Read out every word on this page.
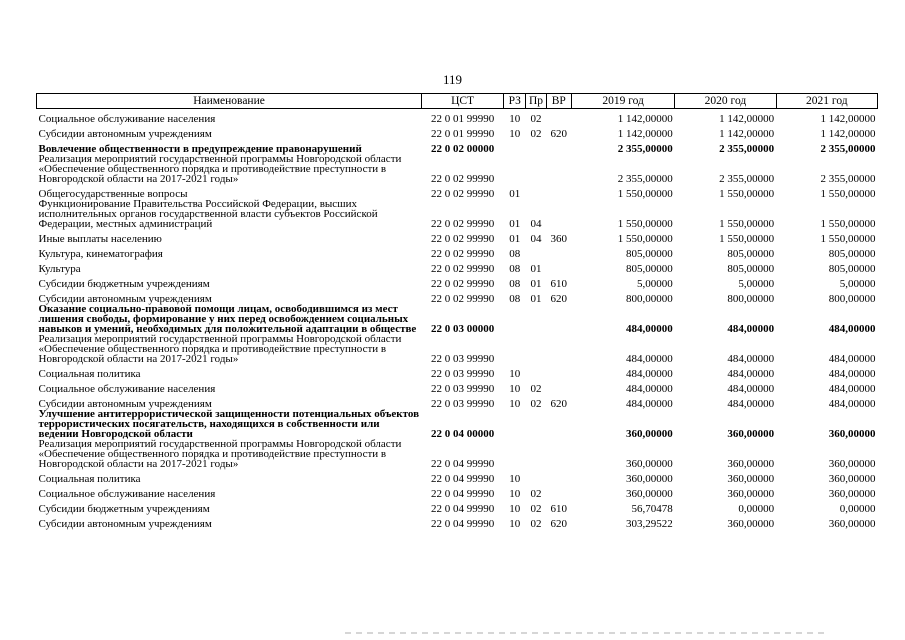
119
Наименование	ЦСТ	РЗ	Пр	ВР	2019 год	2020 год	2021 год
Социальное обслуживание населения	22 0 01 99990	10	02		1 142,00000	1 142,00000	1 142,00000
Субсидии автономным учреждениям	22 0 01 99990	10	02	620	1 142,00000	1 142,00000	1 142,00000
Вовлечение общественности в предупреждение правонарушений	22 0 02 00000				2 355,00000	2 355,00000	2 355,00000
Реализация мероприятий государственной программы Новгородской области «Обеспечение общественного порядка и противодействие преступности в Новгородской области на 2017-2021 годы»	22 0 02 99990				2 355,00000	2 355,00000	2 355,00000
Общегосударственные вопросы	22 0 02 99990	01			1 550,00000	1 550,00000	1 550,00000
Функционирование Правительства Российской Федерации, высших исполнительных органов государственной власти субъектов Российской Федерации, местных администраций	22 0 02 99990	01	04		1 550,00000	1 550,00000	1 550,00000
Иные выплаты населению	22 0 02 99990	01	04	360	1 550,00000	1 550,00000	1 550,00000
Культура, кинематография	22 0 02 99990	08			805,00000	805,00000	805,00000
Культура	22 0 02 99990	08	01		805,00000	805,00000	805,00000
Субсидии бюджетным учреждениям	22 0 02 99990	08	01	610	5,00000	5,00000	5,00000
Субсидии автономным учреждениям	22 0 02 99990	08	01	620	800,00000	800,00000	800,00000
Оказание социально-правовой помощи лицам, освободившимся из мест лишения свободы, формирование у них перед освобождением социальных навыков и умений, необходимых для положительной адаптации в обществе	22 0 03 00000				484,00000	484,00000	484,00000
Реализация мероприятий государственной программы Новгородской области «Обеспечение общественного порядка и противодействие преступности в Новгородской области на 2017-2021 годы»	22 0 03 99990				484,00000	484,00000	484,00000
Социальная политика	22 0 03 99990	10			484,00000	484,00000	484,00000
Социальное обслуживание населения	22 0 03 99990	10	02		484,00000	484,00000	484,00000
Субсидии автономным учреждениям	22 0 03 99990	10	02	620	484,00000	484,00000	484,00000
Улучшение антитеррористической защищенности потенциальных объектов террористических посягательств, находящихся в собственности или ведении Новгородской области	22 0 04 00000				360,00000	360,00000	360,00000
Реализация мероприятий государственной программы Новгородской области «Обеспечение общественного порядка и противодействие преступности в Новгородской области на 2017-2021 годы»	22 0 04 99990				360,00000	360,00000	360,00000
Социальная политика	22 0 04 99990	10			360,00000	360,00000	360,00000
Социальное обслуживание населения	22 0 04 99990	10	02		360,00000	360,00000	360,00000
Субсидии бюджетным учреждениям	22 0 04 99990	10	02	610	56,70478	0,00000	0,00000
Субсидии автономным учреждениям	22 0 04 99990	10	02	620	303,29522	360,00000	360,00000
